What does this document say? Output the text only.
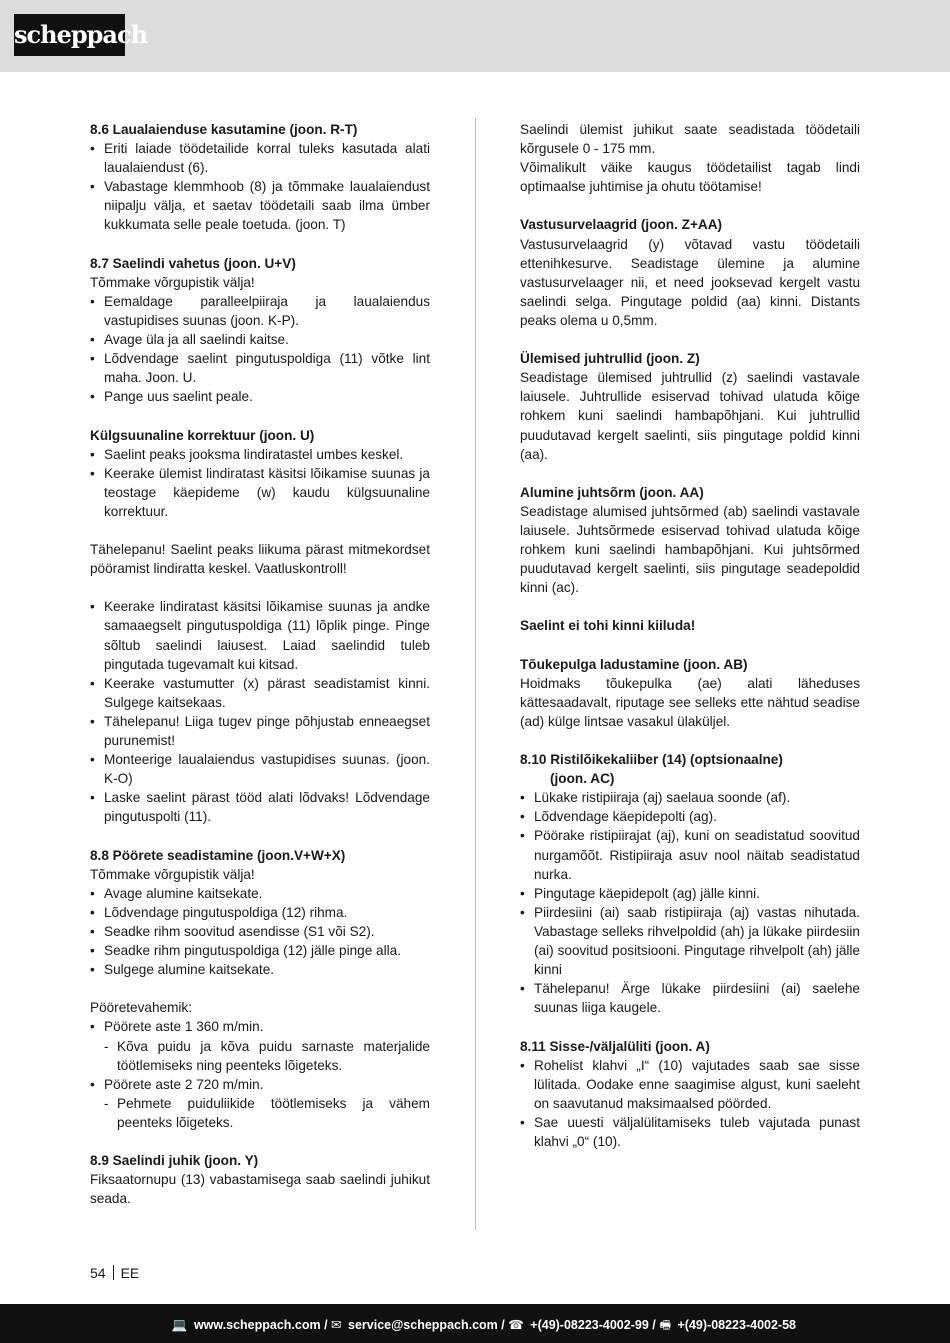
scheppach
8.6 Laualaienduse kasutamine (joon. R-T)
• Eriti laiade töödetailide korral tuleks kasutada alati laualaiendust (6).
• Vabastage klemmhoob (8) ja tõmmake laualaiendust niipalju välja, et saetav töödetaili saab ilma ümber kukkumata selle peale toetuda. (joon. T)
8.7 Saelindi vahetus (joon. U+V)
Tõmmake võrgupistik välja!
• Eemaldage paralleelpiiraja ja laualaiendus vastupidises suunas (joon. K-P).
• Avage üla ja all saelindi kaitse.
• Lõdvendage saelint pingutuspoldiga (11) võtke lint maha. Joon. U.
• Pange uus saelint peale.
Külgsuunaline korrektuur (joon. U)
• Saelint peaks jooksma lindiratastel umbes keskel.
• Keerake ülemist lindiratast käsitsi lõikamise suunas ja teostage käepideme (w) kaudu külgsuunaline korrektuur.
Tähelepanu! Saelint peaks liikuma pärast mitmekordset pööramist lindiratta keskel. Vaatluskontroll!
• Keerake lindiratast käsitsi lõikamise suunas ja andke samaaegselt pingutuspoldiga (11) lõplik pinge. Pinge sõltub saelindi laiusest. Laiad saelindid tuleb pingutada tugevamalt kui kitsad.
• Keerake vastumutter (x) pärast seadistamist kinni. Sulgege kaitsekaas.
• Tähelepanu! Liiga tugev pinge põhjustab enneaegset purunemist!
• Monteerige laualaiendus vastupidises suunas. (joon. K-O)
• Laske saelint pärast tööd alati lõdvaks! Lõdvendage pingutuspolti (11).
8.8 Pöörete seadistamine (joon.V+W+X)
Tõmmake võrgupistik välja!
• Avage alumine kaitsekate.
• Lõdvendage pingutuspoldiga (12) rihma.
• Seadke rihm soovitud asendisse (S1 või S2).
• Seadke rihm pingutuspoldiga (12) jälle pinge alla.
• Sulgege alumine kaitsekate.
Pööretevahemik:
• Pöörete aste 1 360 m/min.
- Kõva puidu ja kõva puidu sarnaste materjalide töötlemiseks ning peenteks lõigeteks.
• Pöörete aste 2 720 m/min.
- Pehmete puiduliikide töötlemiseks ja vähem peenteks lõigeteks.
8.9 Saelindi juhik (joon. Y)
Fiksaatornupu (13) vabastamisega saab saelindi juhikut seada.
Saelindi ülemist juhikut saate seadistada töödetaili kõrgusele 0 - 175 mm.
Võimalikult väike kaugus töödetailist tagab lindi optimaalse juhtimise ja ohutu töötamise!
Vastusurvelaagrid (joon. Z+AA)
Vastusurvelaagrid (y) võtavad vastu töödetaili ettenihkesurve. Seadistage ülemine ja alumine vastusurvelaager nii, et need jooksevad kergelt vastu saelindi selga. Pingutage poldid (aa) kinni. Distants peaks olema u 0,5mm.
Ülemised juhtrullid (joon. Z)
Seadistage ülemised juhtrullid (z) saelindi vastavale laiusele. Juhtrullide esiservad tohivad ulatuda kõige rohkem kuni saelindi hambapõhjani. Kui juhtrullid puudutavad kergelt saelinti, siis pingutage poldid kinni (aa).
Alumine juhtsõrm (joon. AA)
Seadistage alumised juhtsõrmed (ab) saelindi vastavale laiusele. Juhtsõrmede esiservad tohivad ulatuda kõige rohkem kuni saelindi hambapõhjani. Kui juhtsõrmed puudutavad kergelt saelinti, siis pingutage seadepoldid kinni (ac).
Saelint ei tohi kinni kiiluda!
Tõukepulga ladustamine (joon. AB)
Hoidmaks tõukepulka (ae) alati läheduses kättesaadavalt, riputage see selleks ette nähtud seadise (ad) külge lintsae vasakul ülaküljel.
8.10 Ristilõikekaliiber (14) (optsionaalne)
(joon. AC)
• Lükake ristipiiraja (aj) saelaua soonde (af).
• Lõdvendage käepidepolti (ag).
• Pöörake ristipiirajat (aj), kuni on seadistatud soovitud nurgamõõt. Ristipiiraja asuv nool näitab seadistatud nurka.
• Pingutage käepidepolt (ag) jälle kinni.
• Piirdesiini (ai) saab ristipiiraja (aj) vastas nihutada. Vabastage selleks rihvelpoldid (ah) ja lükake piirdesiin (ai) soovitud positsiooni. Pingutage rihvelpolt (ah) jälle kinni
• Tähelepanu! Ärge lükake piirdesiini (ai) saelehe suunas liiga kaugele.
8.11 Sisse-/väljalüliti (joon. A)
• Rohelist klahvi „I“ (10) vajutades saab sae sisse lülitada. Oodake enne saagimise algust, kuni saeleht on saavutanud maksimaalsed pöörded.
• Sae uuesti väljalülitamiseks tuleb vajutada punast klahvi „0“ (10).
54 EE
💻 www.scheppach.com / ✉ service@scheppach.com / ☎ +(49)-08223-4002-99 / 🖷 +(49)-08223-4002-58
